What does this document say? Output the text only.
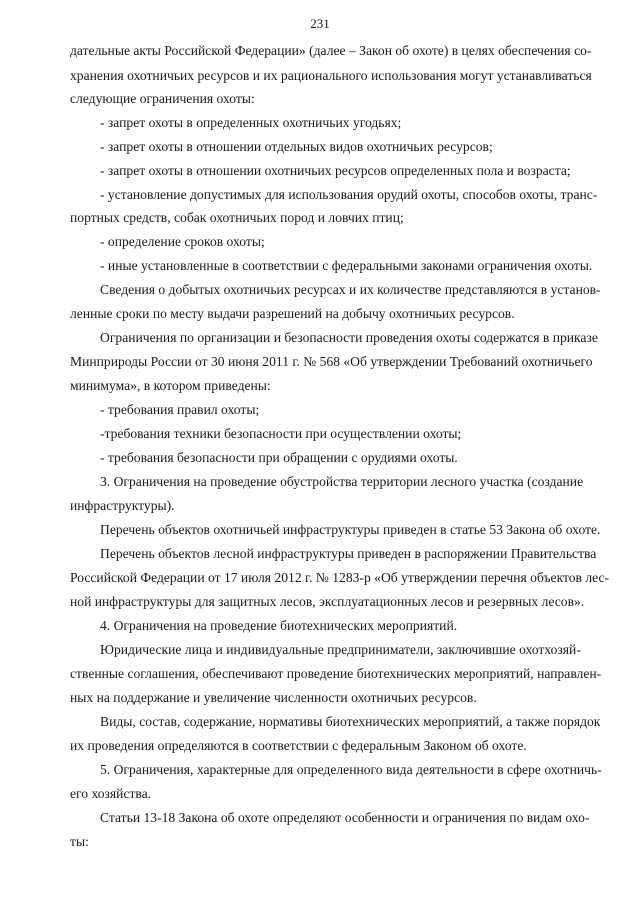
231
дательные акты Российской Федерации» (далее – Закон об охоте) в целях обеспечения со-
хранения охотничьих ресурсов и их рационального использования могут устанавливаться
следующие ограничения охоты:
- запрет охоты в определенных охотничьих угодьях;
- запрет охоты в отношении отдельных видов охотничьих ресурсов;
- запрет охоты в отношении охотничьих ресурсов определенных пола и возраста;
- установление допустимых для использования орудий охоты, способов охоты, транс-
портных средств, собак охотничьих пород и ловчих птиц;
- определение сроков охоты;
- иные установленные в соответствии с федеральными законами ограничения охоты.
Сведения о добытых охотничьих ресурсах и их количестве представляются в установ-
ленные сроки по месту выдачи разрешений на добычу охотничьих ресурсов.
Ограничения по организации и безопасности проведения охоты содержатся в приказе
Минприроды России от 30 июня 2011 г. № 568 «Об утверждении Требований охотничьего
минимума», в котором приведены:
- требования правил охоты;
-требования техники безопасности при осуществлении охоты;
- требования безопасности при обращении с орудиями охоты.
3. Ограничения на проведение обустройства территории лесного участка (создание
инфраструктуры).
Перечень объектов охотничьей инфраструктуры приведен в статье 53 Закона об охоте.
Перечень объектов лесной инфраструктуры приведен в распоряжении Правительства
Российской Федерации от 17 июля 2012 г. № 1283-р «Об утверждении перечня объектов лес-
ной инфраструктуры для защитных лесов, эксплуатационных лесов и резервных лесов».
4. Ограничения на проведение биотехнических мероприятий.
Юридические лица и индивидуальные предприниматели, заключившие охотхозяй-
ственные соглашения, обеспечивают проведение биотехнических мероприятий, направлен-
ных на поддержание и увеличение численности охотничьих ресурсов.
Виды, состав, содержание, нормативы биотехнических мероприятий, а также порядок
их проведения определяются в соответствии с федеральным Законом об охоте.
5. Ограничения, характерные для определенного вида деятельности в сфере охотничь-
его хозяйства.
Статьи 13-18 Закона об охоте определяют особенности и ограничения по видам охо-
ты:
